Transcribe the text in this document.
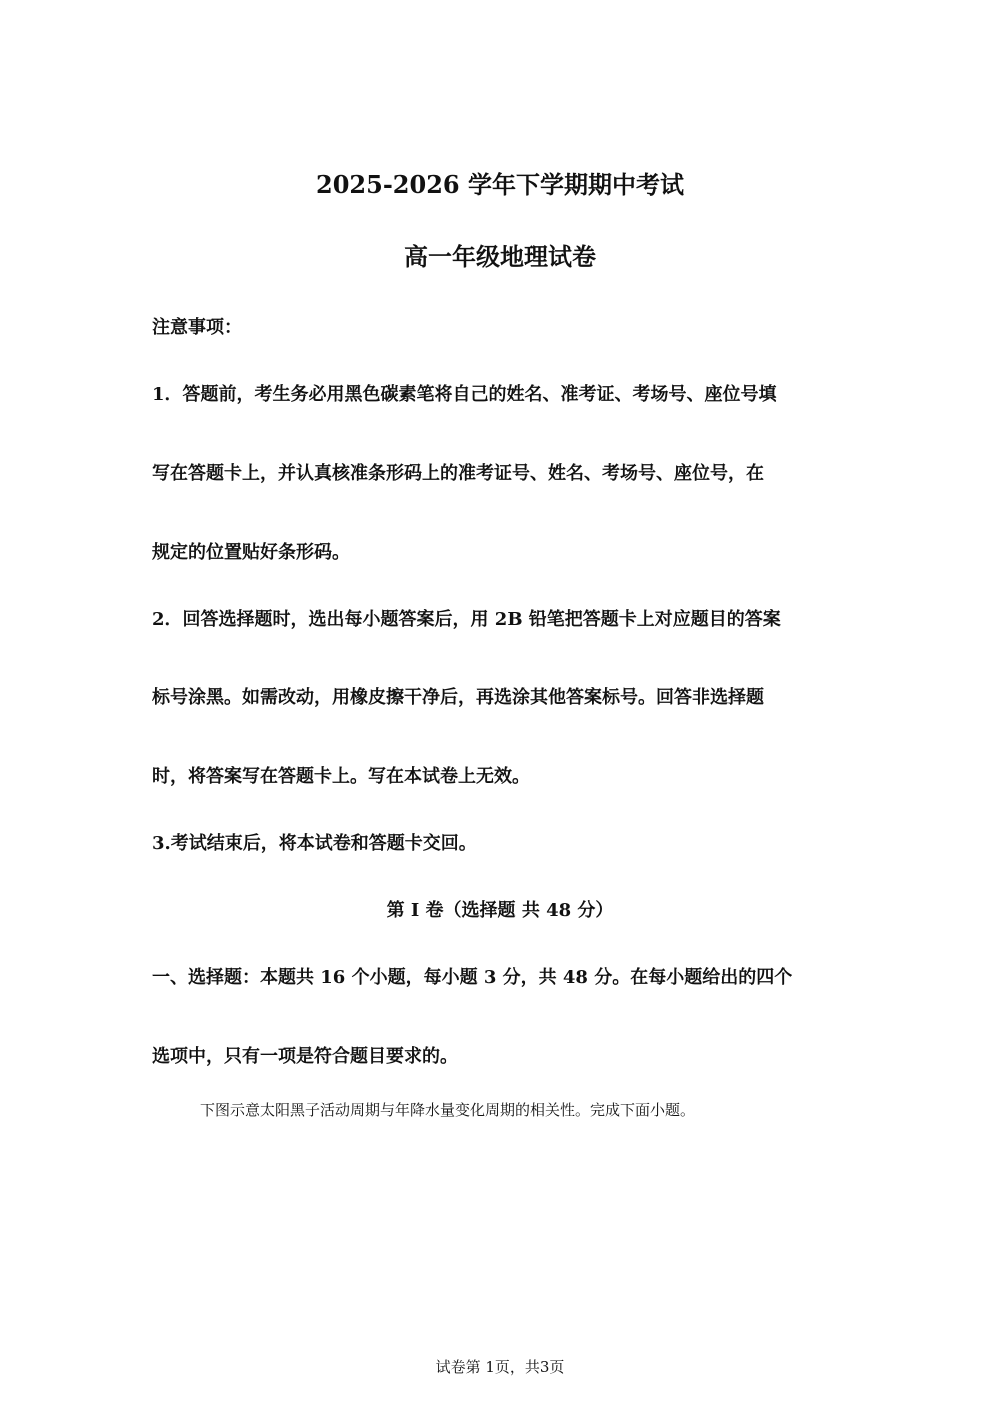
2025-2026 学年下学期期中考试
高一年级地理试卷

注意事项：

1．答题前，考生务必用黑色碳素笔将自己的姓名、准考证、考场号、座位号填

写在答题卡上，并认真核准条形码上的准考证号、姓名、考场号、座位号，在

规定的位置贴好条形码。

2．回答选择题时，选出每小题答案后，用 2B 铅笔把答题卡上对应题目的答案

标号涂黑。如需改动，用橡皮擦干净后，再选涂其他答案标号。回答非选择题

时，将答案写在答题卡上。写在本试卷上无效。

3.考试结束后，将本试卷和答题卡交回。

第 I 卷（选择题 共 48 分）

一、选择题：本题共 16 个小题，每小题 3 分，共 48 分。在每小题给出的四个

选项中，只有一项是符合题目要求的。

下图示意太阳黑子活动周期与年降水量变化周期的相关性。完成下面小题。

试卷第 1页，共3页
